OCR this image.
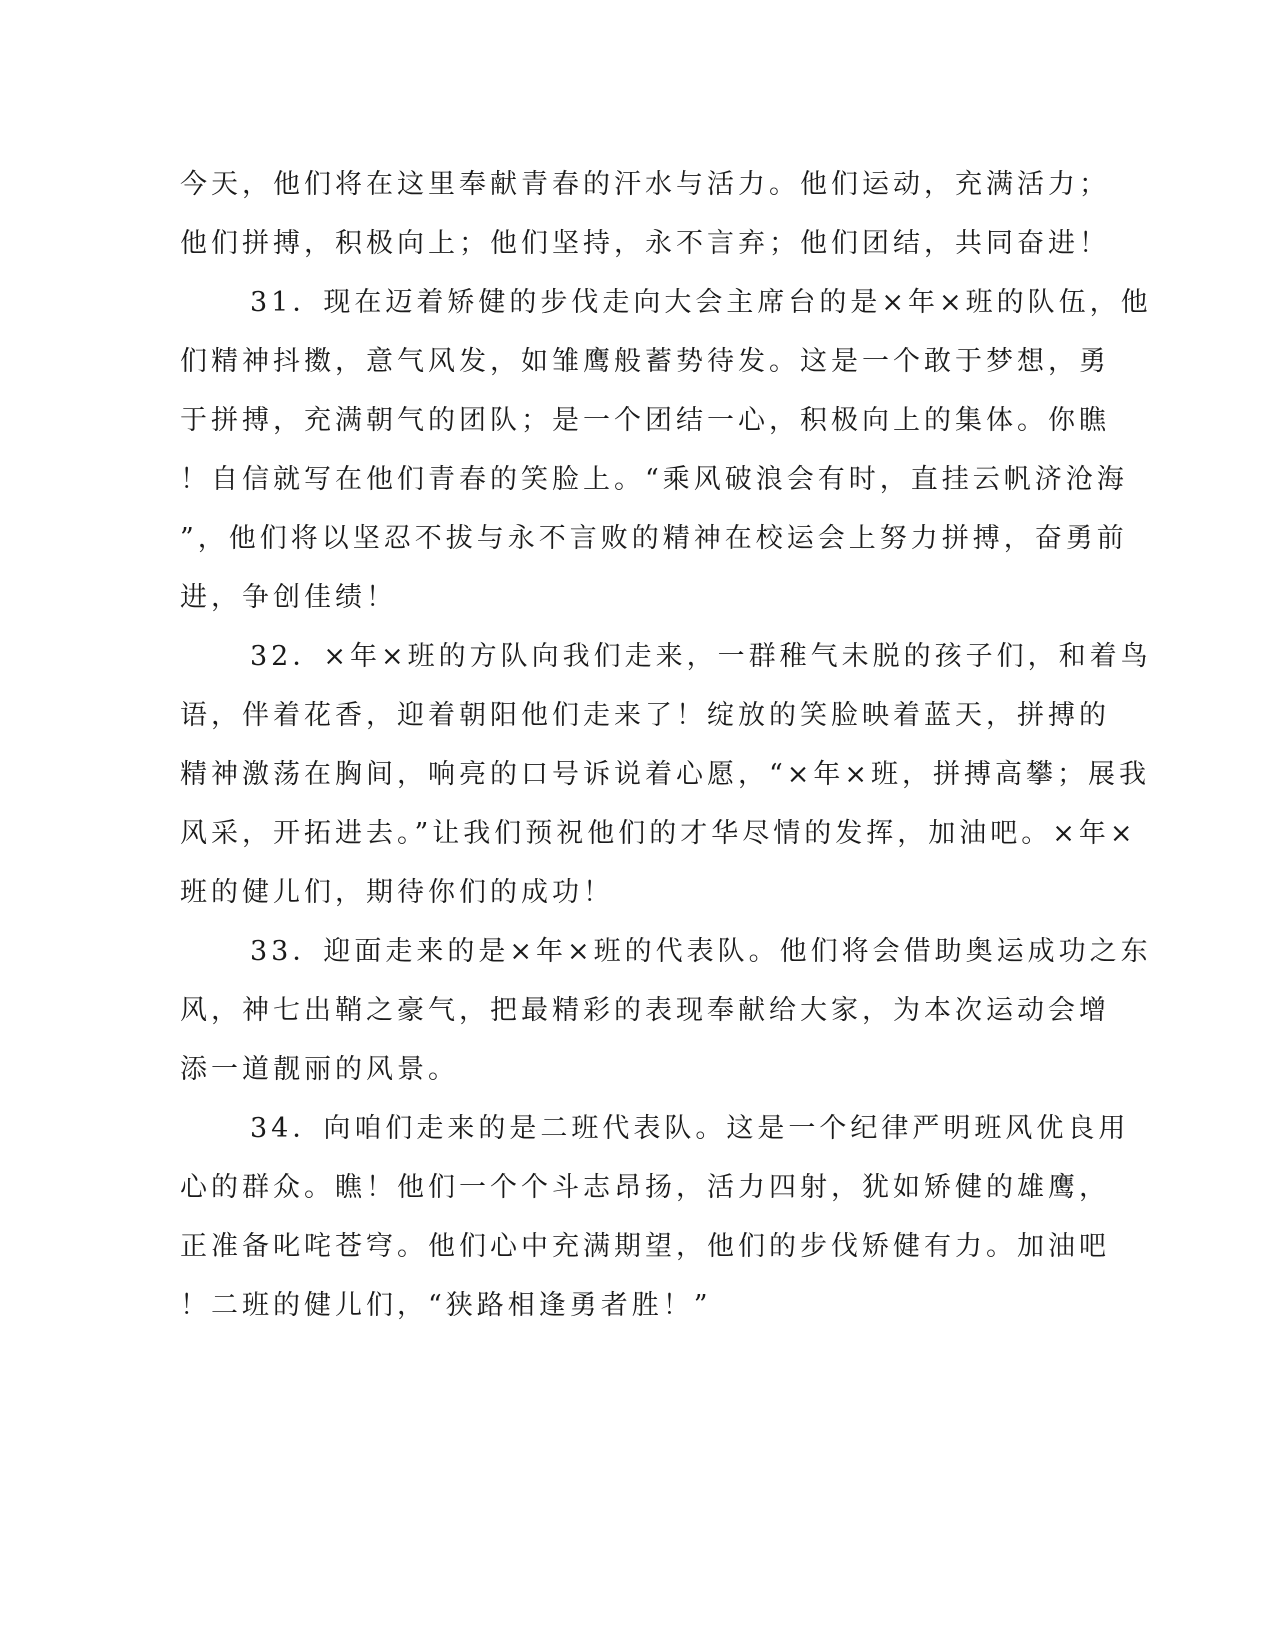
今天，他们将在这里奉献青春的汗水与活力。他们运动，充满活力；
他们拼搏，积极向上；他们坚持，永不言弃；他们团结，共同奋进！
31．现在迈着矫健的步伐走向大会主席台的是×年×班的队伍，他
们精神抖擞，意气风发，如雏鹰般蓄势待发。这是一个敢于梦想，勇
于拼搏，充满朝气的团队；是一个团结一心，积极向上的集体。你瞧
！自信就写在他们青春的笑脸上。“乘风破浪会有时，直挂云帆济沧海
”，他们将以坚忍不拔与永不言败的精神在校运会上努力拼搏，奋勇前
进，争创佳绩！
32．×年×班的方队向我们走来，一群稚气未脱的孩子们，和着鸟
语，伴着花香，迎着朝阳他们走来了！绽放的笑脸映着蓝天，拼搏的
精神激荡在胸间，响亮的口号诉说着心愿，“×年×班，拼搏高攀；展我
风采，开拓进去。”让我们预祝他们的才华尽情的发挥，加油吧。×年×
班的健儿们，期待你们的成功！
33．迎面走来的是×年×班的代表队。他们将会借助奥运成功之东
风，神七出鞘之豪气，把最精彩的表现奉献给大家，为本次运动会增
添一道靓丽的风景。
34．向咱们走来的是二班代表队。这是一个纪律严明班风优良用
心的群众。瞧！他们一个个斗志昂扬，活力四射，犹如矫健的雄鹰，
正准备叱咤苍穹。他们心中充满期望，他们的步伐矫健有力。加油吧
！二班的健儿们，“狭路相逢勇者胜！”
